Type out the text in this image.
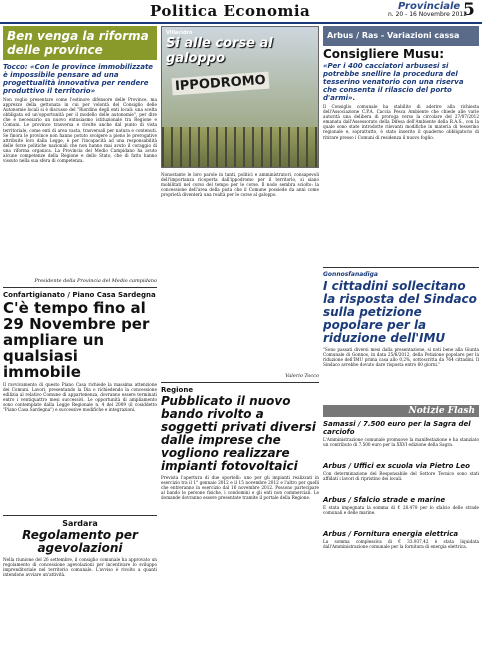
Politica Economia	Provinciale
n. 20 - 16 Novembre 2012
5
Ben venga la riforma delle province
Tocco: «Con le province immobilizzate è impossibile pensare ad una progettualità innovativa per rendere produttivo il territorio»
Non voglio presentare come l'estinore difensore delle Province, ma apprezzo della gettonata in cui per volontà del Consiglio delle Autonomie locali si è discusso del "Riordino degli enti locali: una scelta obbligata ed un'opportunità per il modello delle autonomie", per dire che è necessario un nuovo entusiasmo istituzionale tra Regione e Comuni. Le province trasversa e rivolte anche dal punto di vista territoriale, come enti di area vasta, trasversali per natura e contenuti. Se finora le province non hanno potuto svolgere a pieno le prerogative attribuite loro dalla Legge, è per l'incapacità ad una responsabilità delle forze politiche nazionali che non hanno mai avuto il coraggio di una riforma organica. La Provincia del Medio Campidano ha avuto alcune competenze della Regione e dello Stato, che di fatto hanno vissuto nella sua sfera di competenza.
Presidente della Provincia del Medio campidano
Confartigianato / Piano Casa Sardegna
C'è tempo fino al 29 Novembre per ampliare un qualsiasi immobile
Il ravvivamento di questo Piano Casa richiede la massima attenzione dei Comuni. Lavori, presentando la Dia o richiedendo la concessione edilizia al relativo Comune di appartenenza, dovranno essere terminati entro i ventiquattro mesi successivi. Le opportunità di ampliamento sono contemplate dalla Legge Regionale n. 4 del 2009 (il cosiddetto "Piano Casa Sardegna") e successive modifiche e integrazioni.
Sardara
Regolamento per agevolazioni
Nella riunione del 26 settembre, il consiglio comunale ha approvato un regolamento di concessione agevolazioni per incentivare lo sviluppo imprenditoriale nel territorio comunale. L'avviso è rivolto a quanti intendono avviare un'attività.
Villacidro
Si alle corse al galoppo
IPPODROMO
Nonostante le loro parole in tanti, politici e amministratori, consapevoli dell'importanza ricoperta dall'ippodromo per il territorio, si siano mobilitati nel corso del tempo per le corse. Il nodo sembra sciolto: la concessione dell'area della pista che il Comune possiede da anni come proprietà diventerà una realtà per le corse al galoppo.
Valerio Tocco
Regione
Pubblicato il nuovo bando rivolto a soggetti privati diversi dalle imprese che vogliono realizzare impianti fotovoltaici
Prevista l'apertura di due sportelli: uno per gli impianti realizzati in esercizio tra il 1° gennaio 2012 e il 15 novembre 2012 e l'altro per quelli che entreranno in esercizio dal 16 novembre 2012. Possono partecipare al bando le persone fisiche, i condomini e gli enti non commerciali. Le domande dovranno essere presentate tramite il portale della Regione.
Arbus / Ras - Variazioni cassa
Consigliere Musu:
«Per i 400 cacciatori arbusesi si potrebbe snellire la procedura del tesserino venatorio con una riserva che consenta il rilascio del porto d'armi».
Il Consiglio comunale ha stabilito di aderire alla richiesta dell'Associazione C.P.A. Caccia Pesca Ambiente che chiede alle varie autorità una delibera di proroga verso la circolare del 27/07/2012 emanata dall'Assessorato della Difesa dell'Ambiente della R.A.S., con la quale sono state introdotte rilevanti modifiche in materia di tesserino regionale e, soprattutto, è stato inserito il quaderno obbligatorio di ritirare presso i Comuni di residenza il nuovo foglio.
Gonnosfanadiga
I cittadini sollecitano la risposta del Sindaco sulla petizione popolare per la riduzione dell'IMU
"Sono passati diversi mesi dalla presentazione, si noti bene alla Giunta Comunale di Gonnos, in data 25/6/2012, della Petizione popolare per la riduzione dell'IMU prima casa allo 0,2%, sottoscritta da 764 cittadini. Il Sindaco avrebbe dovuto dare risposta entro 60 giorni."
Notizie Flash
Samassi / 7.500 euro per la Sagra del carciofo
L'Amministrazione comunale promuove la manifestazione e ha stanziato un contributo di 7.500 euro per la XXVI edizione della Sagra.
Arbus / Uffici ex scuola via Pietro Leo
Con determinazione del Responsabile del Settore Tecnico sono stati affidati i lavori di ripristino dei locali.
Arbus / Sfalcio strade e marine
È stata impegnata la somma di € 28.478 per lo sfalcio delle strade comunali e delle marine.
Arbus / Fornitura energia elettrica
La somma complessiva di € 33.937,42 è stata liquidata dall'Amministrazione comunale per la fornitura di energia elettrica.
